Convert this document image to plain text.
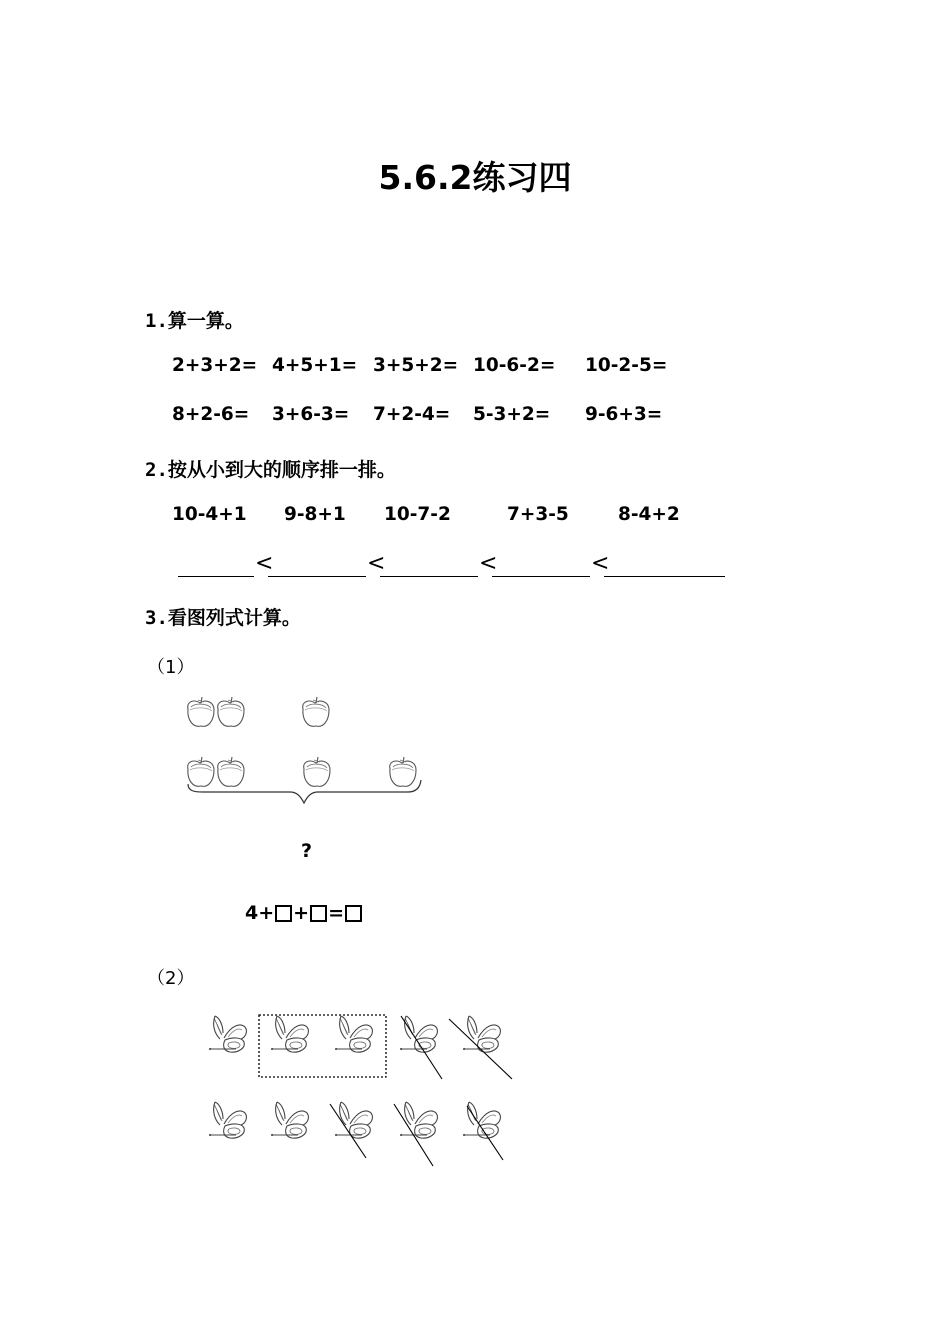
5.6.2练习四
1.算一算。
2+3+2= 4+5+1= 3+5+2= 10-6-2= 10-2-5=
8+2-6= 3+6-3= 7+2-4= 5-3+2= 9-6+3=
2.按从小到大的顺序排一排。
10-4+1 9-8+1 10-7-2	7+3-5	8-4+2
<	<	<	<
3.看图列式计算。
（1）
?
4+ + =
（2）
